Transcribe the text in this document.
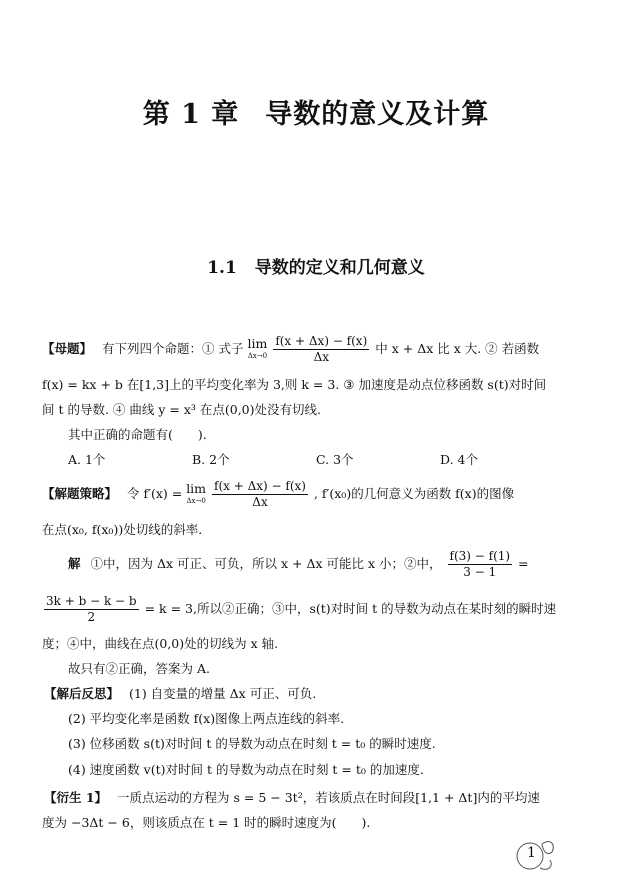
第 1 章 导数的意义及计算
1.1 导数的定义和几何意义
【母题】 有下列四个命题：① 式子 lim
Δx→0
$\frac{f(x + \Delta x) - f(x)}{\Delta x}$ 中 x + Δx 比 x 大. ② 若函数
f(x) = kx + b 在[1,3]上的平均变化率为 3,则 k = 3. ③ 加速度是动点位移函数 s(t)对时间
间 t 的导数. ④ 曲线 y = x³ 在点(0,0)处没有切线.
其中正确的命题有(　　).
A. 1个	B. 2个	C. 3个	D. 4个
【解题策略】 令 f′(x) = lim
Δx→0
$\frac{f(x + \Delta x) - f(x)}{\Delta x}$ , f′(x₀)的几何意义为函数 f(x)的图像
在点(x₀, f(x₀))处切线的斜率.
解 ①中，因为 Δx 可正、可负，所以 x + Δx 可能比 x 小；②中， $\frac{f(3) - f(1)}{3 - 1}$ =
$\frac{3k + b - k - b}{2} = k = 3$,所以②正确；③中，s(t)对时间 t 的导数为动点在某时刻的瞬时速
度；④中，曲线在点(0,0)处的切线为 x 轴.
故只有②正确，答案为 A.
【解后反思】 (1) 自变量的增量 Δx 可正、可负.
(2) 平均变化率是函数 f(x)图像上两点连线的斜率.
(3) 位移函数 s(t)对时间 t 的导数为动点在时刻 t = t₀ 的瞬时速度.
(4) 速度函数 v(t)对时间 t 的导数为动点在时刻 t = t₀ 的加速度.
【衍生 1】 一质点运动的方程为 s = 5 − 3t²，若该质点在时间段[1,1 + Δt]内的平均速
度为 −3Δt − 6，则该质点在 t = 1 时的瞬时速度为(　　).
1
